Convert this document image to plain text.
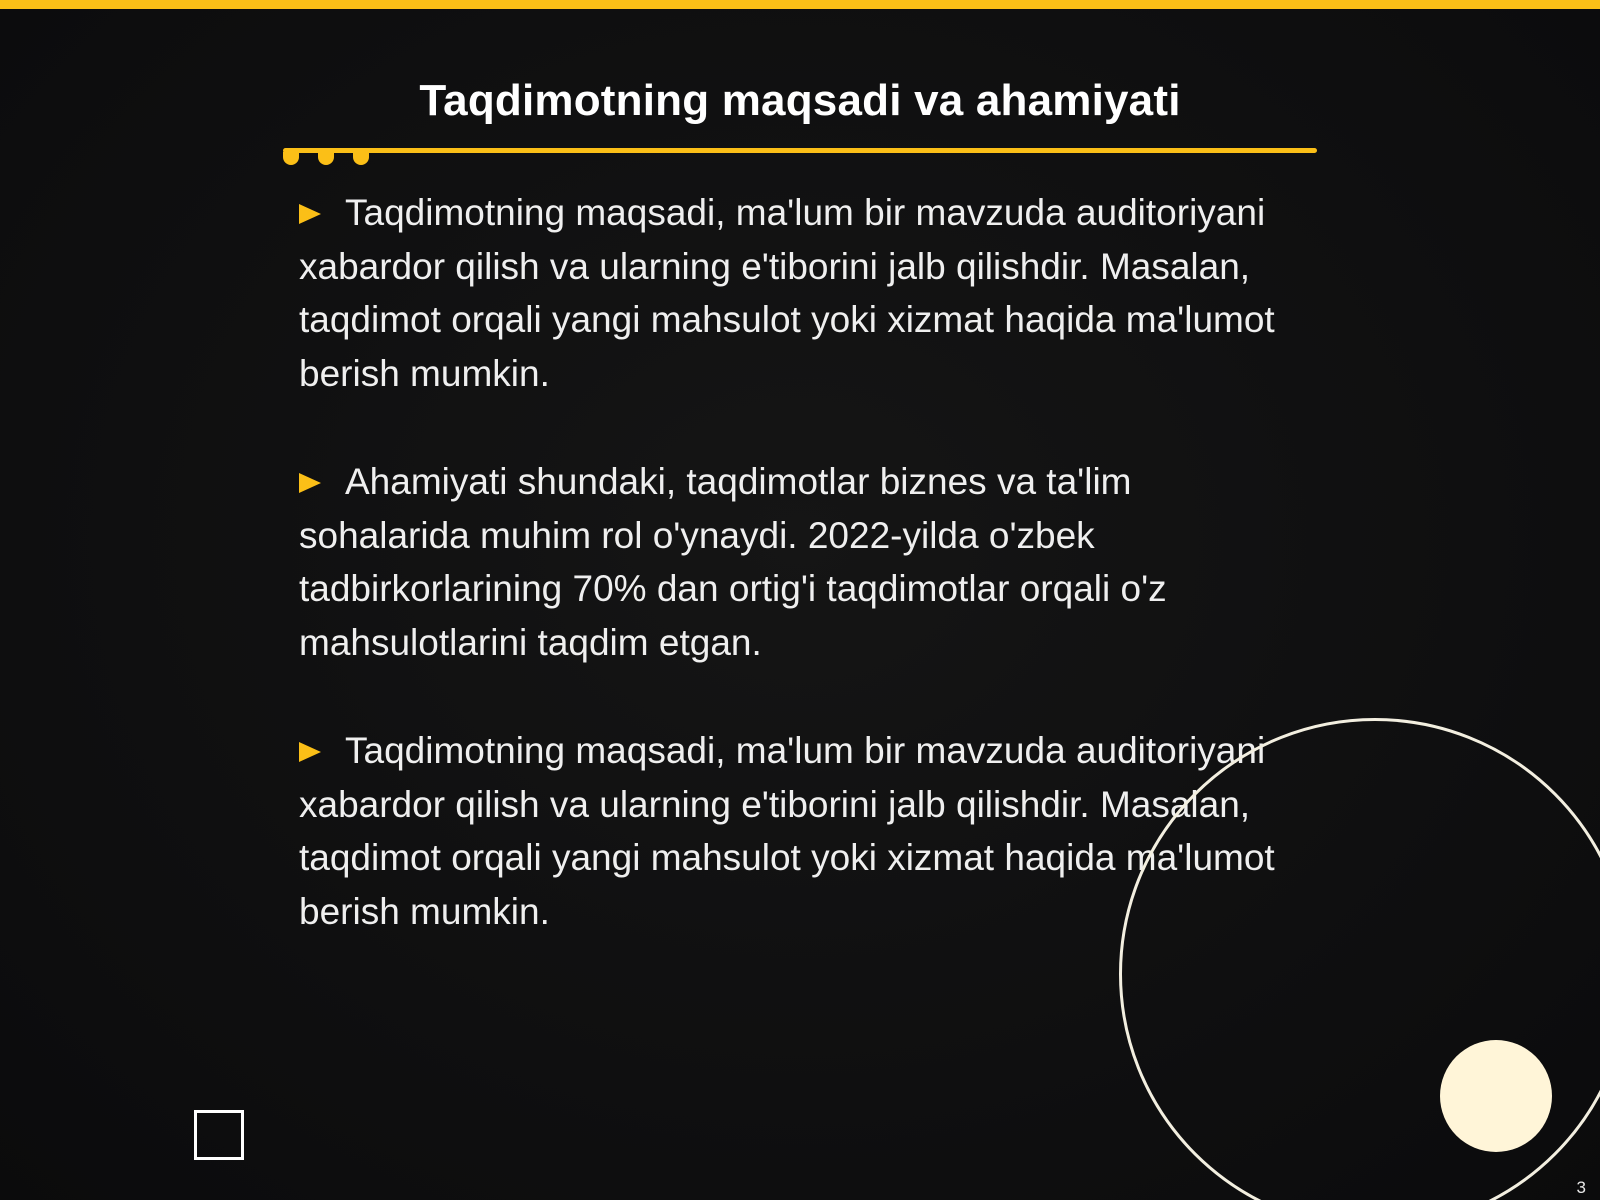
Taqdimotning maqsadi va ahamiyati

Taqdimotning maqsadi, ma'lum bir mavzuda auditoriyani xabardor qilish va ularning e'tiborini jalb qilishdir. Masalan, taqdimot orqali yangi mahsulot yoki xizmat haqida ma'lumot berish mumkin.

Ahamiyati shundaki, taqdimotlar biznes va ta'lim sohalarida muhim rol o'ynaydi. 2022-yilda o'zbek tadbirkorlarining 70% dan ortig'i taqdimotlar orqali o'z mahsulotlarini taqdim etgan.

Taqdimotning maqsadi, ma'lum bir mavzuda auditoriyani xabardor qilish va ularning e'tiborini jalb qilishdir. Masalan, taqdimot orqali yangi mahsulot yoki xizmat haqida ma'lumot berish mumkin.

3
